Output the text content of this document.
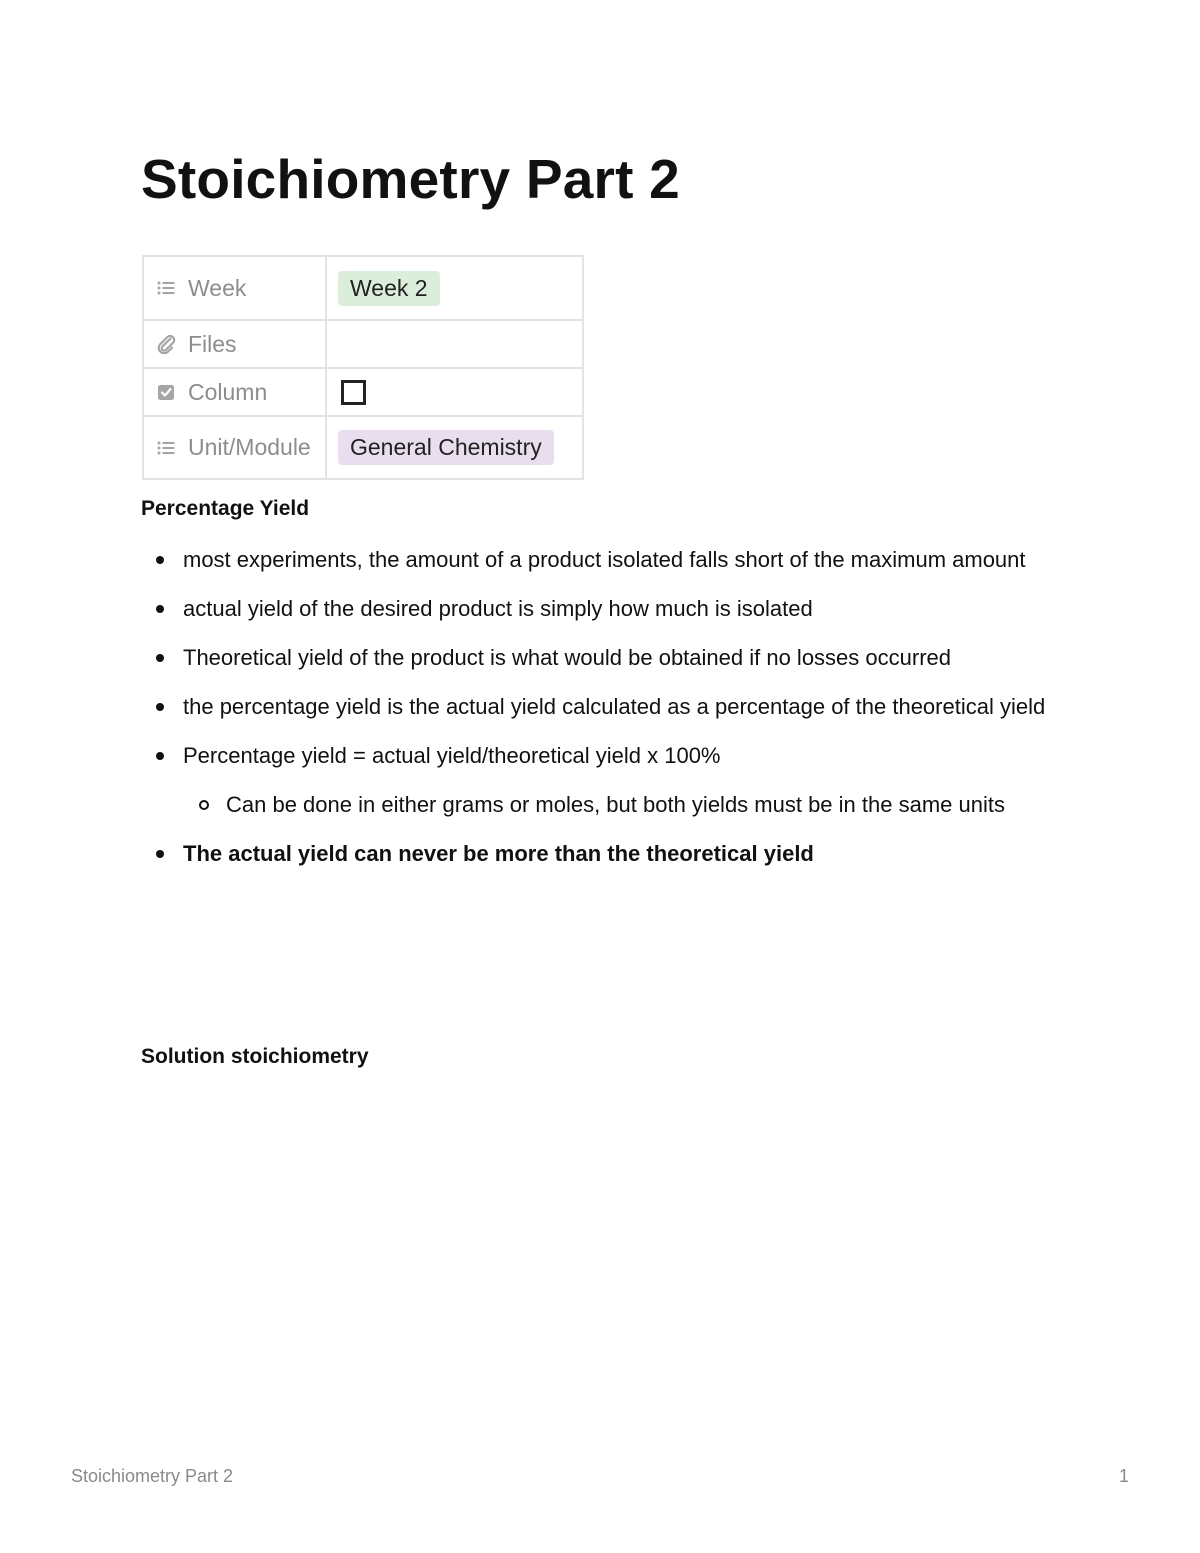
Stoichiometry Part 2
Week	Week 2

Files	

Column	

Unit/Module	General Chemistry
Percentage Yield
most experiments, the amount of a product isolated falls short of the maximum amount
actual yield of the desired product is simply how much is isolated
Theoretical yield of the product is what would be obtained if no losses occurred
the percentage yield is the actual yield calculated as a percentage of the theoretical yield
Percentage yield = actual yield/theoretical yield x 100%
Can be done in either grams or moles, but both yields must be in the same units
The actual yield can never be more than the theoretical yield
Solution stoichiometry
Stoichiometry Part 2	1
